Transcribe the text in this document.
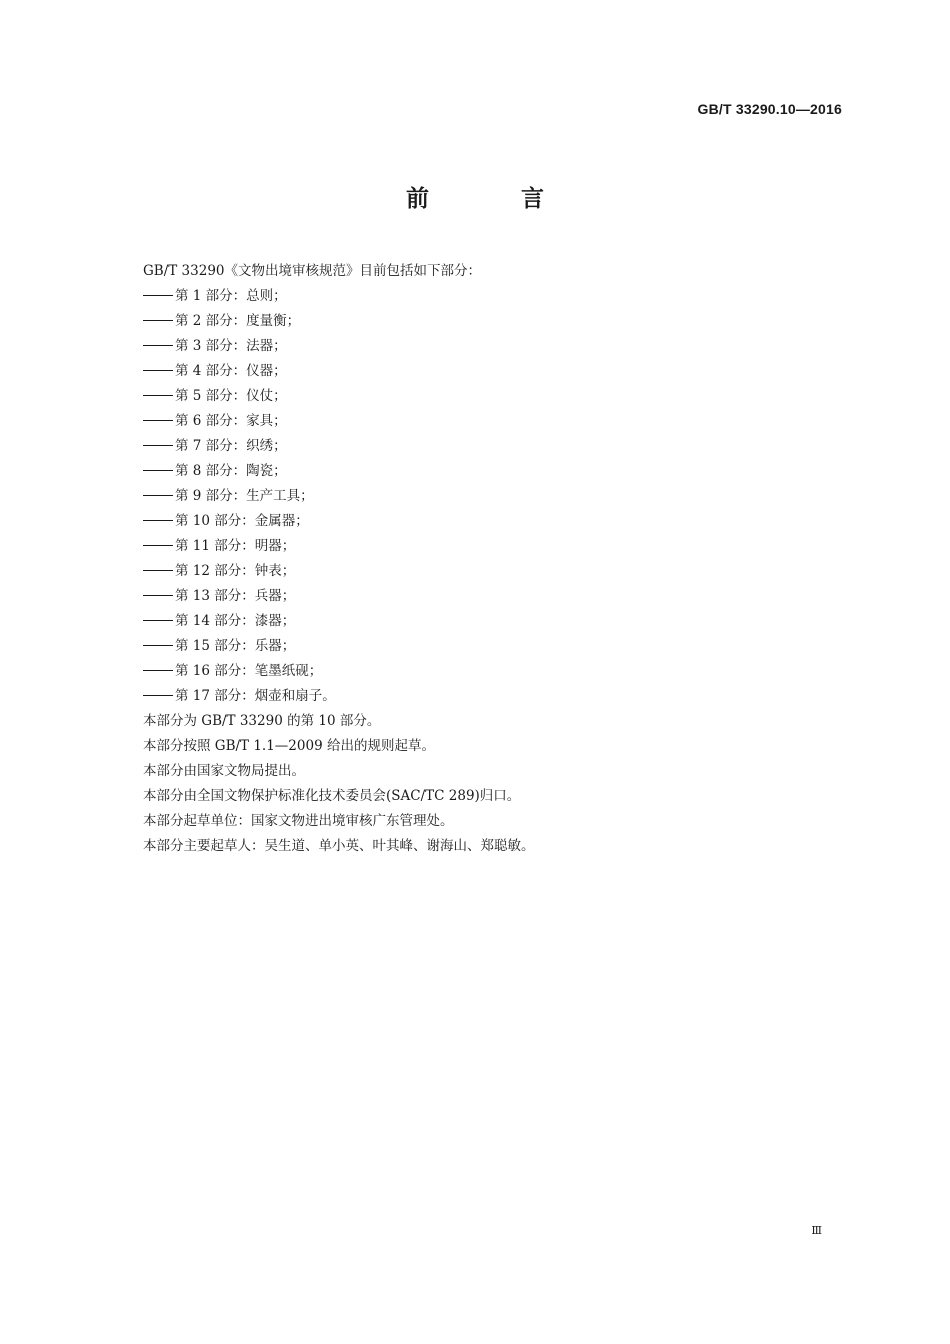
GB/T 33290.10—2016
前　言
GB/T 33290《文物出境审核规范》目前包括如下部分：
第 1 部分：总则；
第 2 部分：度量衡；
第 3 部分：法器；
第 4 部分：仪器；
第 5 部分：仪仗；
第 6 部分：家具；
第 7 部分：织绣；
第 8 部分：陶瓷；
第 9 部分：生产工具；
第 10 部分：金属器；
第 11 部分：明器；
第 12 部分：钟表；
第 13 部分：兵器；
第 14 部分：漆器；
第 15 部分：乐器；
第 16 部分：笔墨纸砚；
第 17 部分：烟壶和扇子。
本部分为 GB/T 33290 的第 10 部分。
本部分按照 GB/T 1.1—2009 给出的规则起草。
本部分由国家文物局提出。
本部分由全国文物保护标准化技术委员会(SAC/TC 289)归口。
本部分起草单位：国家文物进出境审核广东管理处。
本部分主要起草人：吴生道、单小英、叶其峰、谢海山、郑聪敏。
Ⅲ
